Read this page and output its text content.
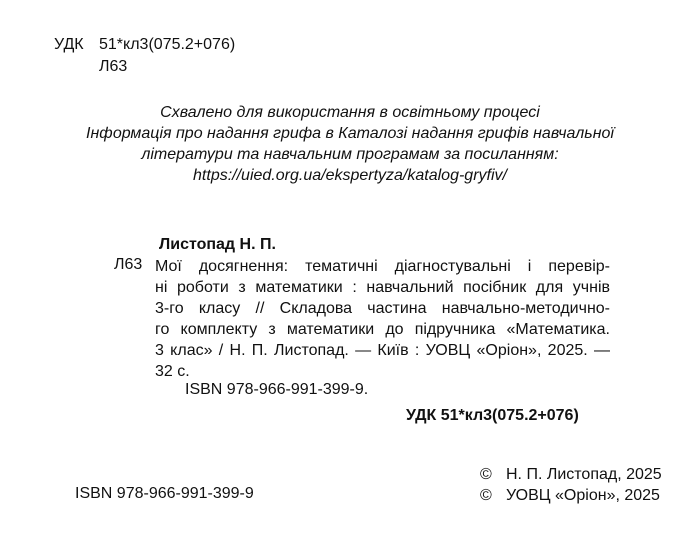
УДК 51*кл3(075.2+076)
Л63
Схвалено для використання в освітньому процесі
Інформація про надання грифа в Каталозі надання грифів навчальної
літератури та навчальним програмам за посиланням:
https://uied.org.ua/ekspertyza/katalog-gryfiv/
Листопад Н. П.
Л63 Мої досягнення: тематичні діагностувальні і перевір-
ні роботи з математики : навчальний посібник для учнів
3-го класу // Складова частина навчально-методично-
го комплекту з математики до підручника «Математика.
3 клас» / Н. П. Листопад. — Київ : УОВЦ «Оріон», 2025. —
32 с.
ISBN 978-966-991-399-9.
УДК 51*кл3(075.2+076)
© Н. П. Листопад, 2025
© УОВЦ «Оріон», 2025
ISBN 978-966-991-399-9
